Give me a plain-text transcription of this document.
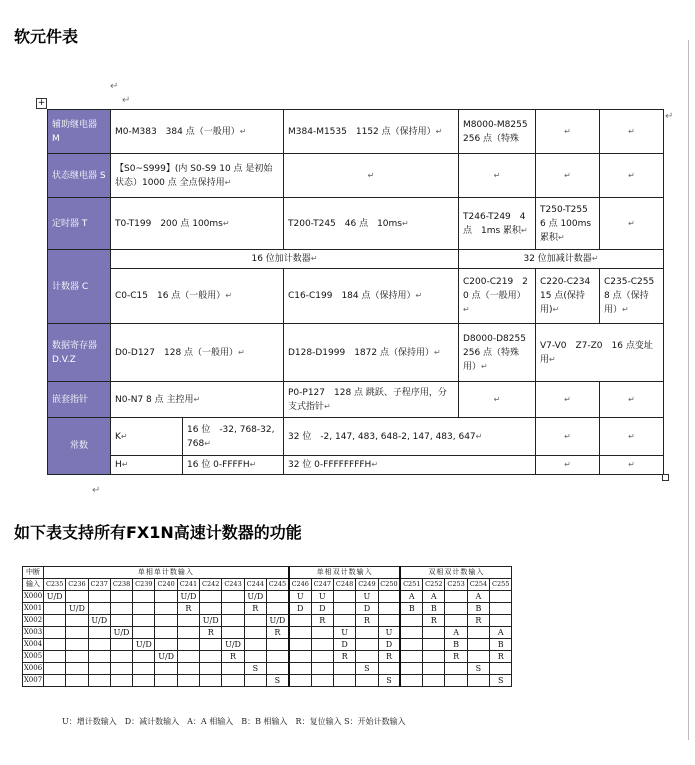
软元件表
↵
↵
+
辅助继电器 M	M0-M383　384 点（一般用）↵		M384-M1535　1152 点（保持用）↵	M8000-M8255　256 点（特殊	↵	↵
状态继电器 S	【S0~S999】(内 S0-S9 10 点 是初始状态）1000 点 全点保持用↵		↵	↵	↵	↵
定时器 T	T0-T199　200 点 100ms↵		T200-T245　46 点　10ms↵	T246-T249　4 点　1ms 累积↵	T250-T255　6 点 100ms 累积↵	↵
计数器 C	16 位加计数器↵			32 位加减计数器↵		
	C0-C15　16 点（一般用）↵		C16-C199　184 点（保持用）↵	C200-C219　20 点（一般用）↵	C220-C234　15 点(保持用)↵	C235-C255　8 点（保持用）↵
数据寄存器 D.V.Z	D0-D127　128 点（一般用）↵		D128-D1999　1872 点（保持用）↵	D8000-D8255　256 点（特殊用）↵	V7-V0　Z7-Z0　16 点变址用↵	
嵌套指针	N0-N7 8 点 主控用↵		P0-P127　128 点 跳跃、子程序用，分支式指针↵	↵	↵	↵
常数	K↵	16 位　-32, 768-32, 768↵	32 位　-2, 147, 483, 648-2, 147, 483, 647↵		↵	↵
	H↵	16 位 0-FFFFH↵	32 位 0-FFFFFFFFH↵		↵	↵
↵
↵
如下表支持所有FX1N高速计数器的功能
中断	单相单计数输入											单相双计数输入					双相双计数输入				
输入	C235	C236	C237	C238	C239	C240	C241	C242	C243	C244	C245	C246	C247	C248	C249	C250	C251	C252	C253	C254	C255
X000	U/D						U/D			U/D		U	U		U		A	A		A	
X001		U/D					R			R		D	D		D		B	B		B	
X002			U/D					U/D			U/D		R		R			R		R	
X003				U/D				R			R			U		U			A		A
X004					U/D				U/D					D		D			B		B
X005						U/D			R					R		R			R		R
X006										S					S					S	
X007											S					S					S
U：增计数输入　D：减计数输入　A：A 相输入　B：B 相输入　R：复位输入 S：开始计数输入
